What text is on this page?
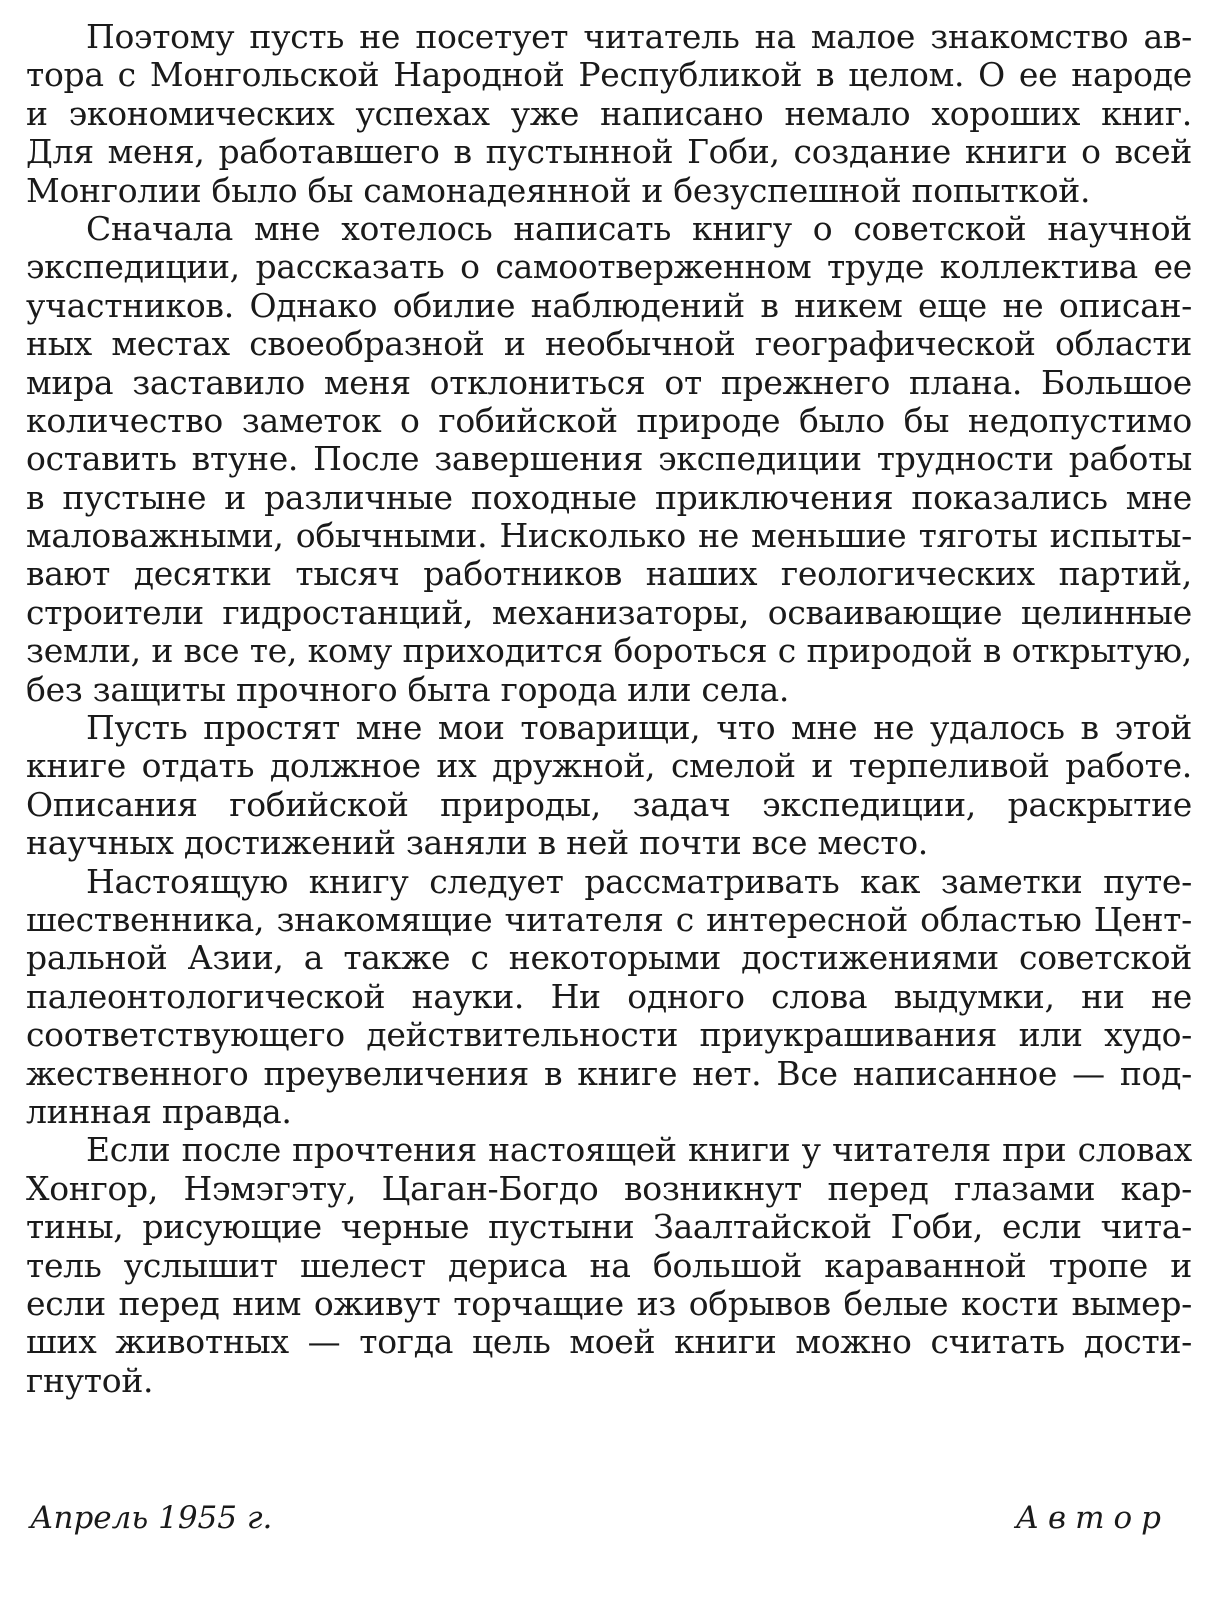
Поэтому пусть не посетует читатель на малое знакомство ав-
тора с Монгольской Народной Республикой в целом. О ее народе
и экономических успехах уже написано немало хороших книг.
Для меня, работавшего в пустынной Гоби, создание книги о всей
Монголии было бы самонадеянной и безуспешной попыткой.
Сначала мне хотелось написать книгу о советской научной
экспедиции, рассказать о самоотверженном труде коллектива ее
участников. Однако обилие наблюдений в никем еще не описан-
ных местах своеобразной и необычной географической области
мира заставило меня отклониться от прежнего плана. Большое
количество заметок о гобийской природе было бы недопустимо
оставить втуне. После завершения экспедиции трудности работы
в пустыне и различные походные приключения показались мне
маловажными, обычными. Нисколько не меньшие тяготы испыты-
вают десятки тысяч работников наших геологических партий,
строители гидростанций, механизаторы, осваивающие целинные
земли, и все те, кому приходится бороться с природой в открытую,
без защиты прочного быта города или села.
Пусть простят мне мои товарищи, что мне не удалось в этой
книге отдать должное их дружной, смелой и терпеливой работе.
Описания гобийской природы, задач экспедиции, раскрытие
научных достижений заняли в ней почти все место.
Настоящую книгу следует рассматривать как заметки путе-
шественника, знакомящие читателя с интересной областью Цент-
ральной Азии, а также с некоторыми достижениями советской
палеонтологической науки. Ни одного слова выдумки, ни не
соответствующего действительности приукрашивания или худо-
жественного преувеличения в книге нет. Все написанное — под-
линная правда.
Если после прочтения настоящей книги у читателя при словах
Хонгор, Нэмэгэту, Цаган-Богдо возникнут перед глазами кар-
тины, рисующие черные пустыни Заалтайской Гоби, если чита-
тель услышит шелест дериса на большой караванной тропе и
если перед ним оживут торчащие из обрывов белые кости вымер-
ших животных — тогда цель моей книги можно считать дости-
гнутой.
Апрель 1955 г.	Автор
